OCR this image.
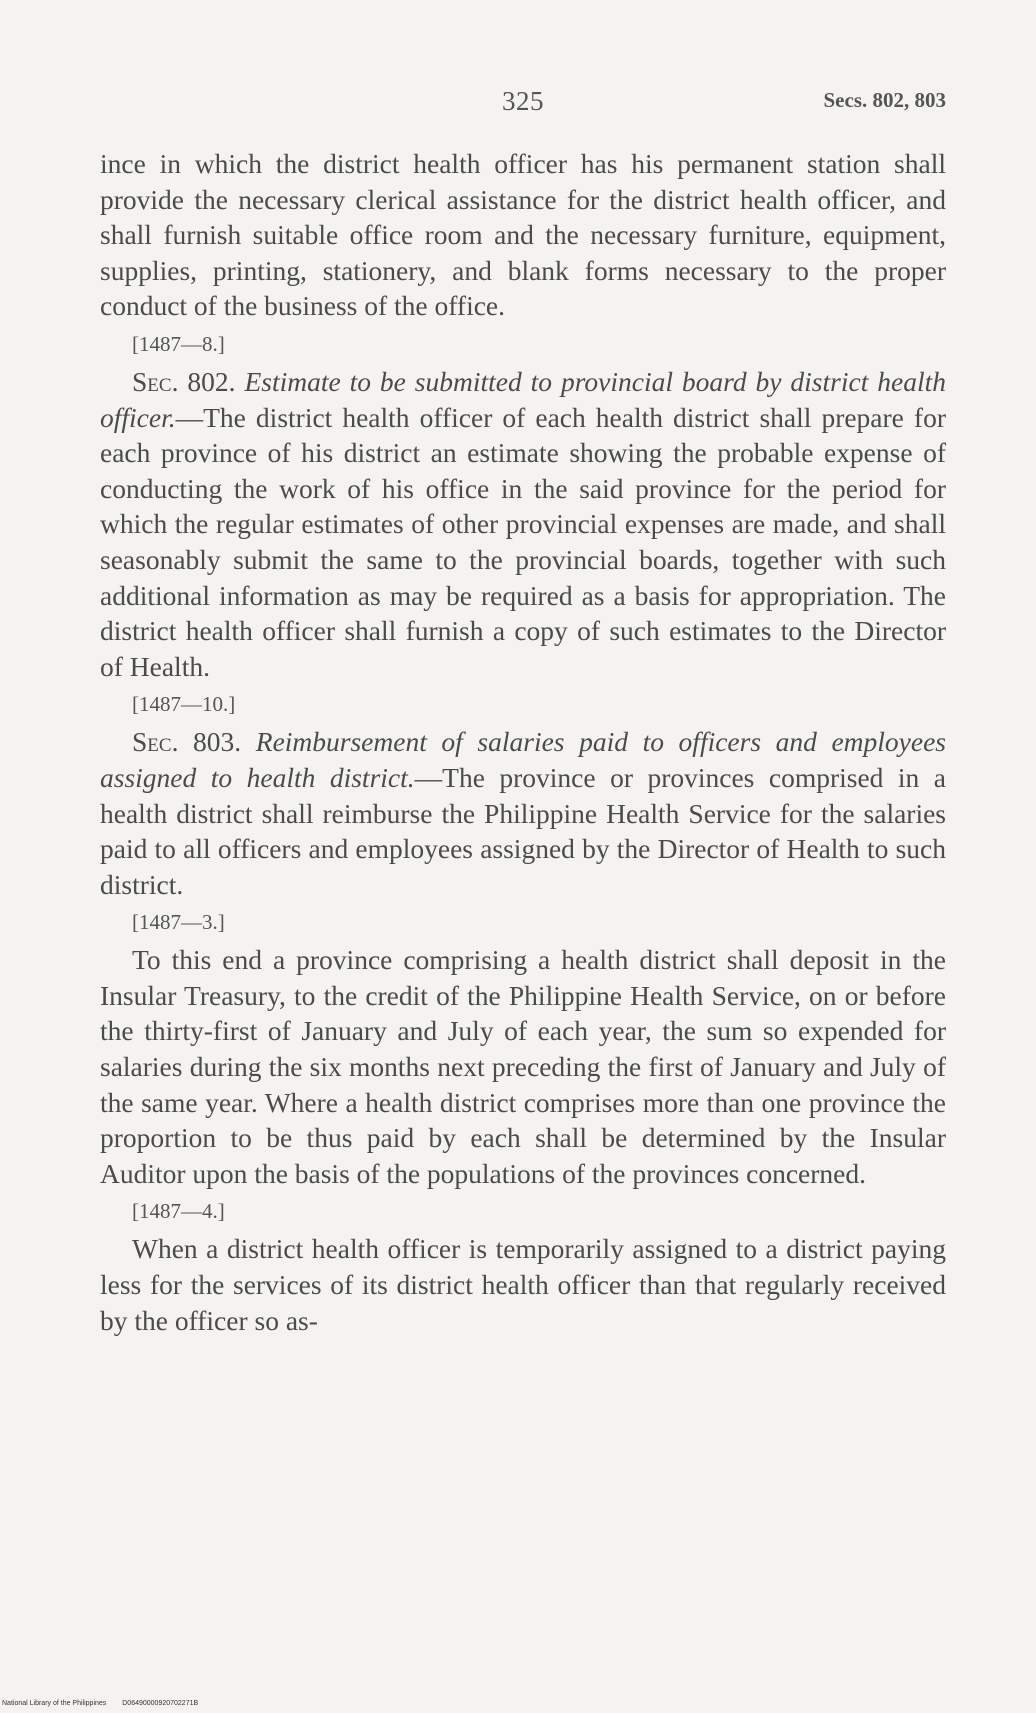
325	Secs. 802, 803

ince in which the district health officer has his permanent station shall provide the necessary clerical assistance for the district health officer, and shall furnish suitable office room and the necessary furniture, equipment, supplies, printing, stationery, and blank forms necessary to the proper conduct of the business of the office.

[1487—8.]

Sec. 802. Estimate to be submitted to provincial board by district health officer.—The district health officer of each health district shall prepare for each province of his district an estimate showing the probable expense of conducting the work of his office in the said province for the period for which the regular estimates of other provincial expenses are made, and shall seasonably submit the same to the provincial boards, together with such additional information as may be required as a basis for appropriation. The district health officer shall furnish a copy of such estimates to the Director of Health.

[1487—10.]

Sec. 803. Reimbursement of salaries paid to officers and employees assigned to health district.—The province or provinces comprised in a health district shall reimburse the Philippine Health Service for the salaries paid to all officers and employees assigned by the Director of Health to such district.

[1487—3.]

To this end a province comprising a health district shall deposit in the Insular Treasury, to the credit of the Philippine Health Service, on or before the thirty-first of January and July of each year, the sum so expended for salaries during the six months next preceding the first of January and July of the same year. Where a health district comprises more than one province the proportion to be thus paid by each shall be determined by the Insular Auditor upon the basis of the populations of the provinces concerned.

[1487—4.]

When a district health officer is temporarily assigned to a district paying less for the services of its district health officer than that regularly received by the officer so as-

National Library of the Philippines D06490000920702271B
